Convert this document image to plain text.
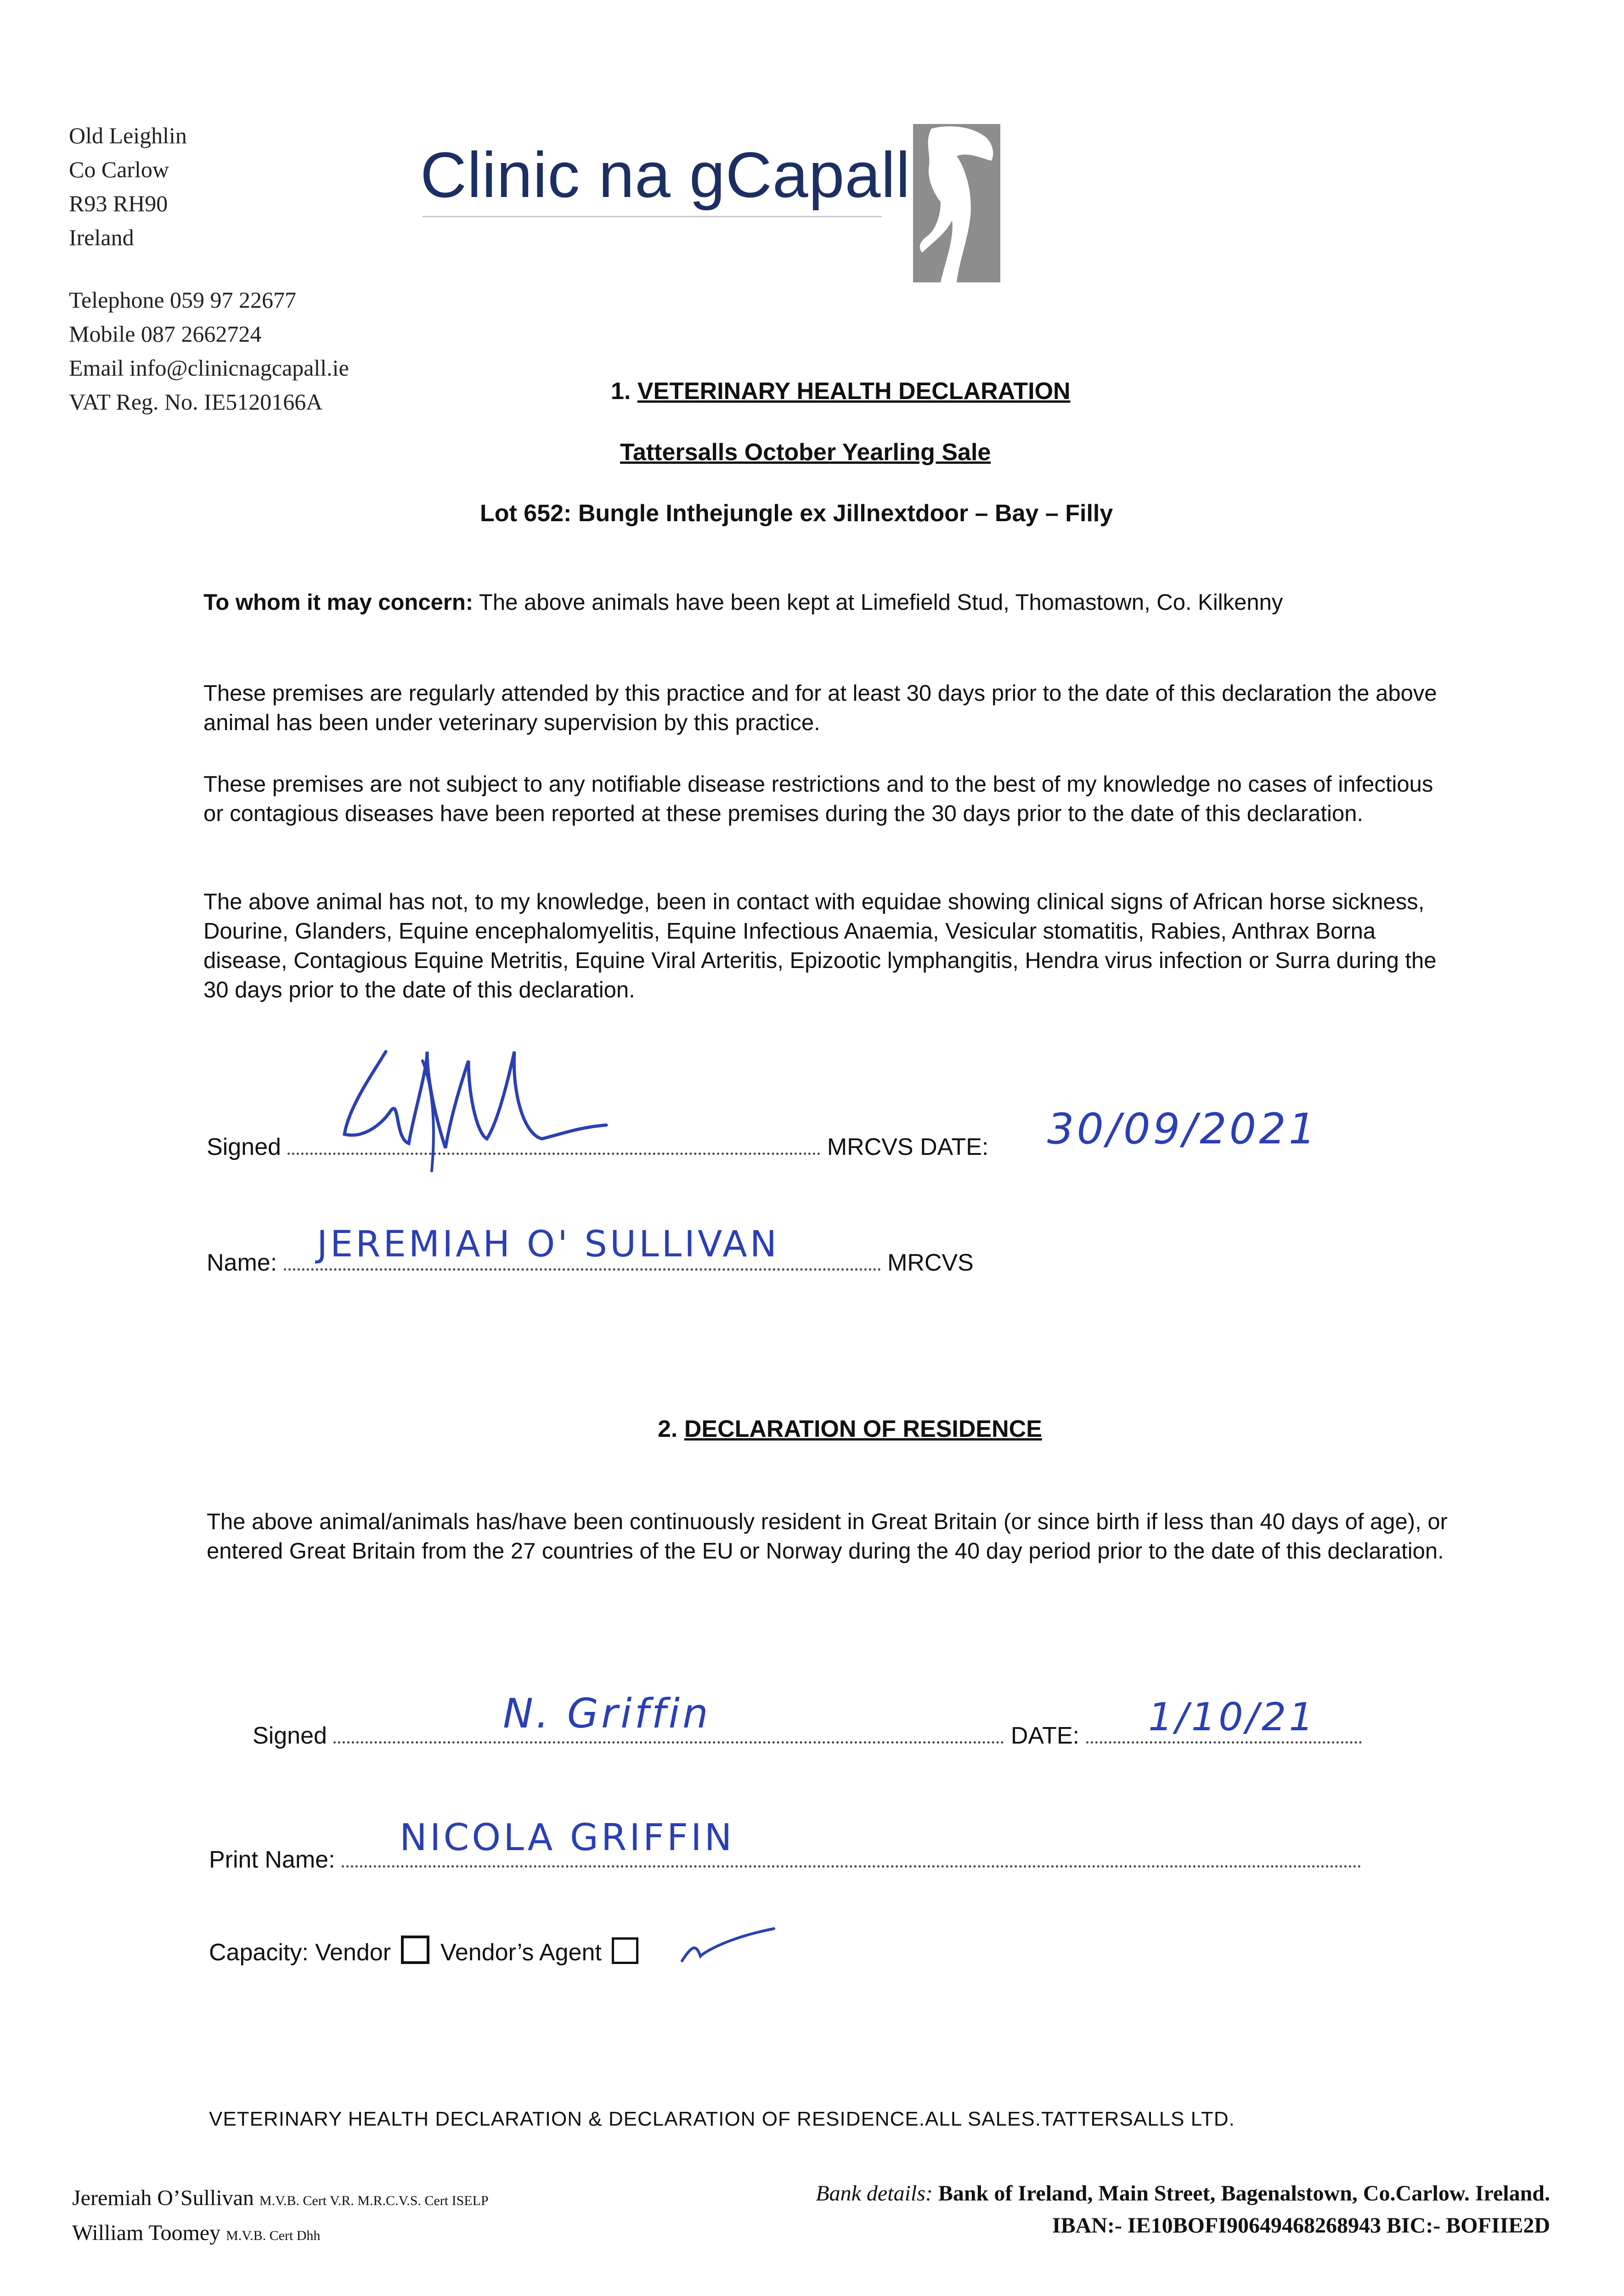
Old Leighlin
Co Carlow
R93 RH90
Ireland
Telephone 059 97 22677
Mobile 087 2662724
Email info@clinicnagcapall.ie
VAT Reg. No. IE5120166A
Clinic na gCapall
1. VETERINARY HEALTH DECLARATION
Tattersalls October Yearling Sale
Lot 652: Bungle Inthejungle ex Jillnextdoor – Bay – Filly
To whom it may concern: The above animals have been kept at Limefield Stud, Thomastown, Co. Kilkenny
These premises are regularly attended by this practice and for at least 30 days prior to the date of this declaration the above animal has been under veterinary supervision by this practice.
These premises are not subject to any notifiable disease restrictions and to the best of my knowledge no cases of infectious or contagious diseases have been reported at these premises during the 30 days prior to the date of this declaration.
The above animal has not, to my knowledge, been in contact with equidae showing clinical signs of African horse sickness, Dourine, Glanders, Equine encephalomyelitis, Equine Infectious Anaemia, Vesicular stomatitis, Rabies, Anthrax Borna disease, Contagious Equine Metritis, Equine Viral Arteritis, Epizootic lymphangitis, Hendra virus infection or Surra during the 30 days prior to the date of this declaration.
Signed	MRCVS DATE: 30/09/2021
Name:	MRCVS
JEREMIAH O' SULLIVAN
2. DECLARATION OF RESIDENCE
The above animal/animals has/have been continuously resident in Great Britain (or since birth if less than 40 days of age), or entered Great Britain from the 27 countries of the EU or Norway during the 40 day period prior to the date of this declaration.
Signed	DATE:
N. Griffin	1/10/21
Print Name:
NICOLA GRIFFIN
Capacity: Vendor Vendor’s Agent
VETERINARY HEALTH DECLARATION & DECLARATION OF RESIDENCE.ALL SALES.TATTERSALLS LTD.
Jeremiah O’Sullivan M.V.B. Cert V.R. M.R.C.V.S. Cert ISELP
William Toomey M.V.B. Cert Dhh
Bank details: Bank of Ireland, Main Street, Bagenalstown, Co.Carlow. Ireland.
IBAN:- IE10BOFI90649468268943 BIC:- BOFIIE2D
